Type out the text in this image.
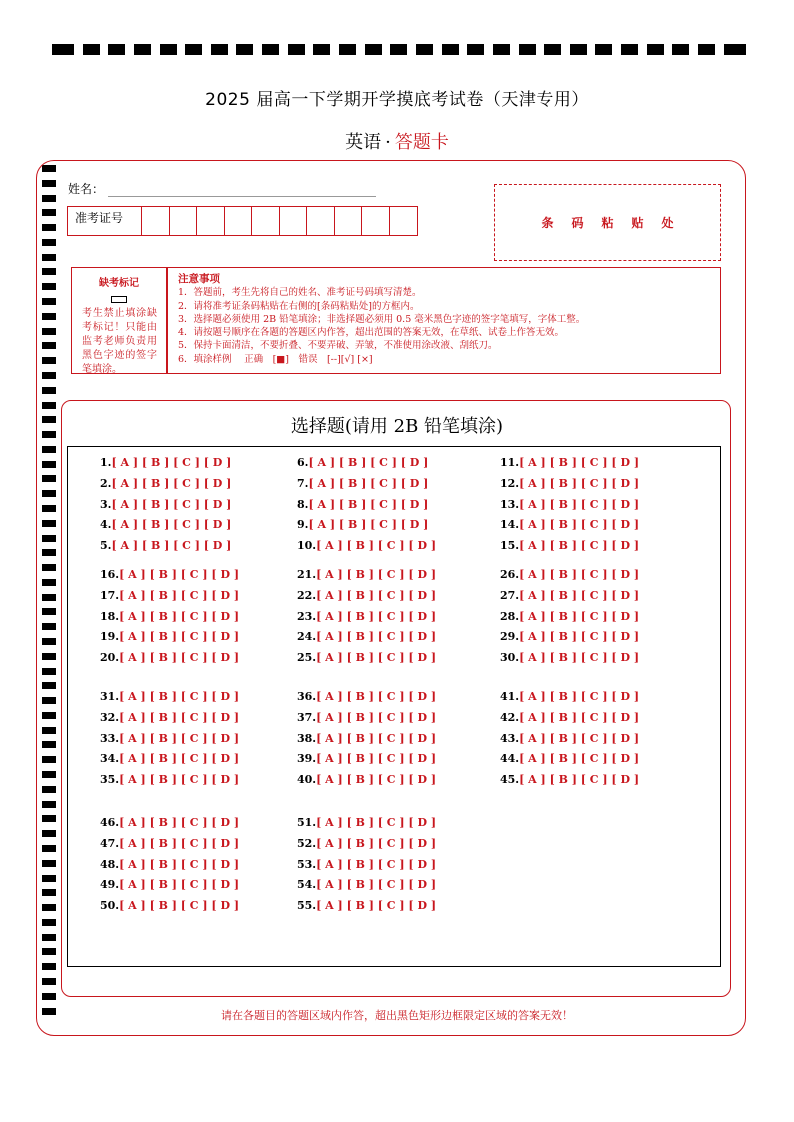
2025 届高一下学期开学摸底考试卷（天津专用）
英语 · 答题卡
姓名：
准考证号	条码粘贴处
缺考标记
考生禁止填涂缺考标记！只能由监考老师负责用黑色字迹的签字笔填涂。
注意事项
1．答题前，考生先将自己的姓名、准考证号码填写清楚。
2．请将准考证条码粘贴在右侧的[条码粘贴处]的方框内。
3．选择题必须使用 2B 铅笔填涂；非选择题必须用 0.5 毫米黑色字迹的签字笔填写，字体工整。
4．请按题号顺序在各题的答题区内作答，超出范围的答案无效，在草纸、试卷上作答无效。
5．保持卡面清洁，不要折叠、不要弄破、弄皱，不准使用涂改液、刮纸刀。
6．填涂样例　 正确　[■]　错误　[--][√] [×]
选择题(请用 2B 铅笔填涂)
1.[ A ] [ B ] [ C ] [ D ]
2.[ A ] [ B ] [ C ] [ D ]
3.[ A ] [ B ] [ C ] [ D ]
4.[ A ] [ B ] [ C ] [ D ]
5.[ A ] [ B ] [ C ] [ D ]
6.[ A ] [ B ] [ C ] [ D ]
7.[ A ] [ B ] [ C ] [ D ]
8.[ A ] [ B ] [ C ] [ D ]
9.[ A ] [ B ] [ C ] [ D ]
10.[ A ] [ B ] [ C ] [ D ]
11.[ A ] [ B ] [ C ] [ D ]
12.[ A ] [ B ] [ C ] [ D ]
13.[ A ] [ B ] [ C ] [ D ]
14.[ A ] [ B ] [ C ] [ D ]
15.[ A ] [ B ] [ C ] [ D ]
16.[ A ] [ B ] [ C ] [ D ]
17.[ A ] [ B ] [ C ] [ D ]
18.[ A ] [ B ] [ C ] [ D ]
19.[ A ] [ B ] [ C ] [ D ]
20.[ A ] [ B ] [ C ] [ D ]
21.[ A ] [ B ] [ C ] [ D ]
22.[ A ] [ B ] [ C ] [ D ]
23.[ A ] [ B ] [ C ] [ D ]
24.[ A ] [ B ] [ C ] [ D ]
25.[ A ] [ B ] [ C ] [ D ]
26.[ A ] [ B ] [ C ] [ D ]
27.[ A ] [ B ] [ C ] [ D ]
28.[ A ] [ B ] [ C ] [ D ]
29.[ A ] [ B ] [ C ] [ D ]
30.[ A ] [ B ] [ C ] [ D ]
31.[ A ] [ B ] [ C ] [ D ]
32.[ A ] [ B ] [ C ] [ D ]
33.[ A ] [ B ] [ C ] [ D ]
34.[ A ] [ B ] [ C ] [ D ]
35.[ A ] [ B ] [ C ] [ D ]
36.[ A ] [ B ] [ C ] [ D ]
37.[ A ] [ B ] [ C ] [ D ]
38.[ A ] [ B ] [ C ] [ D ]
39.[ A ] [ B ] [ C ] [ D ]
40.[ A ] [ B ] [ C ] [ D ]
41.[ A ] [ B ] [ C ] [ D ]
42.[ A ] [ B ] [ C ] [ D ]
43.[ A ] [ B ] [ C ] [ D ]
44.[ A ] [ B ] [ C ] [ D ]
45.[ A ] [ B ] [ C ] [ D ]
46.[ A ] [ B ] [ C ] [ D ]
47.[ A ] [ B ] [ C ] [ D ]
48.[ A ] [ B ] [ C ] [ D ]
49.[ A ] [ B ] [ C ] [ D ]
50.[ A ] [ B ] [ C ] [ D ]
51.[ A ] [ B ] [ C ] [ D ]
52.[ A ] [ B ] [ C ] [ D ]
53.[ A ] [ B ] [ C ] [ D ]
54.[ A ] [ B ] [ C ] [ D ]
55.[ A ] [ B ] [ C ] [ D ]
请在各题目的答题区域内作答，超出黑色矩形边框限定区域的答案无效！
